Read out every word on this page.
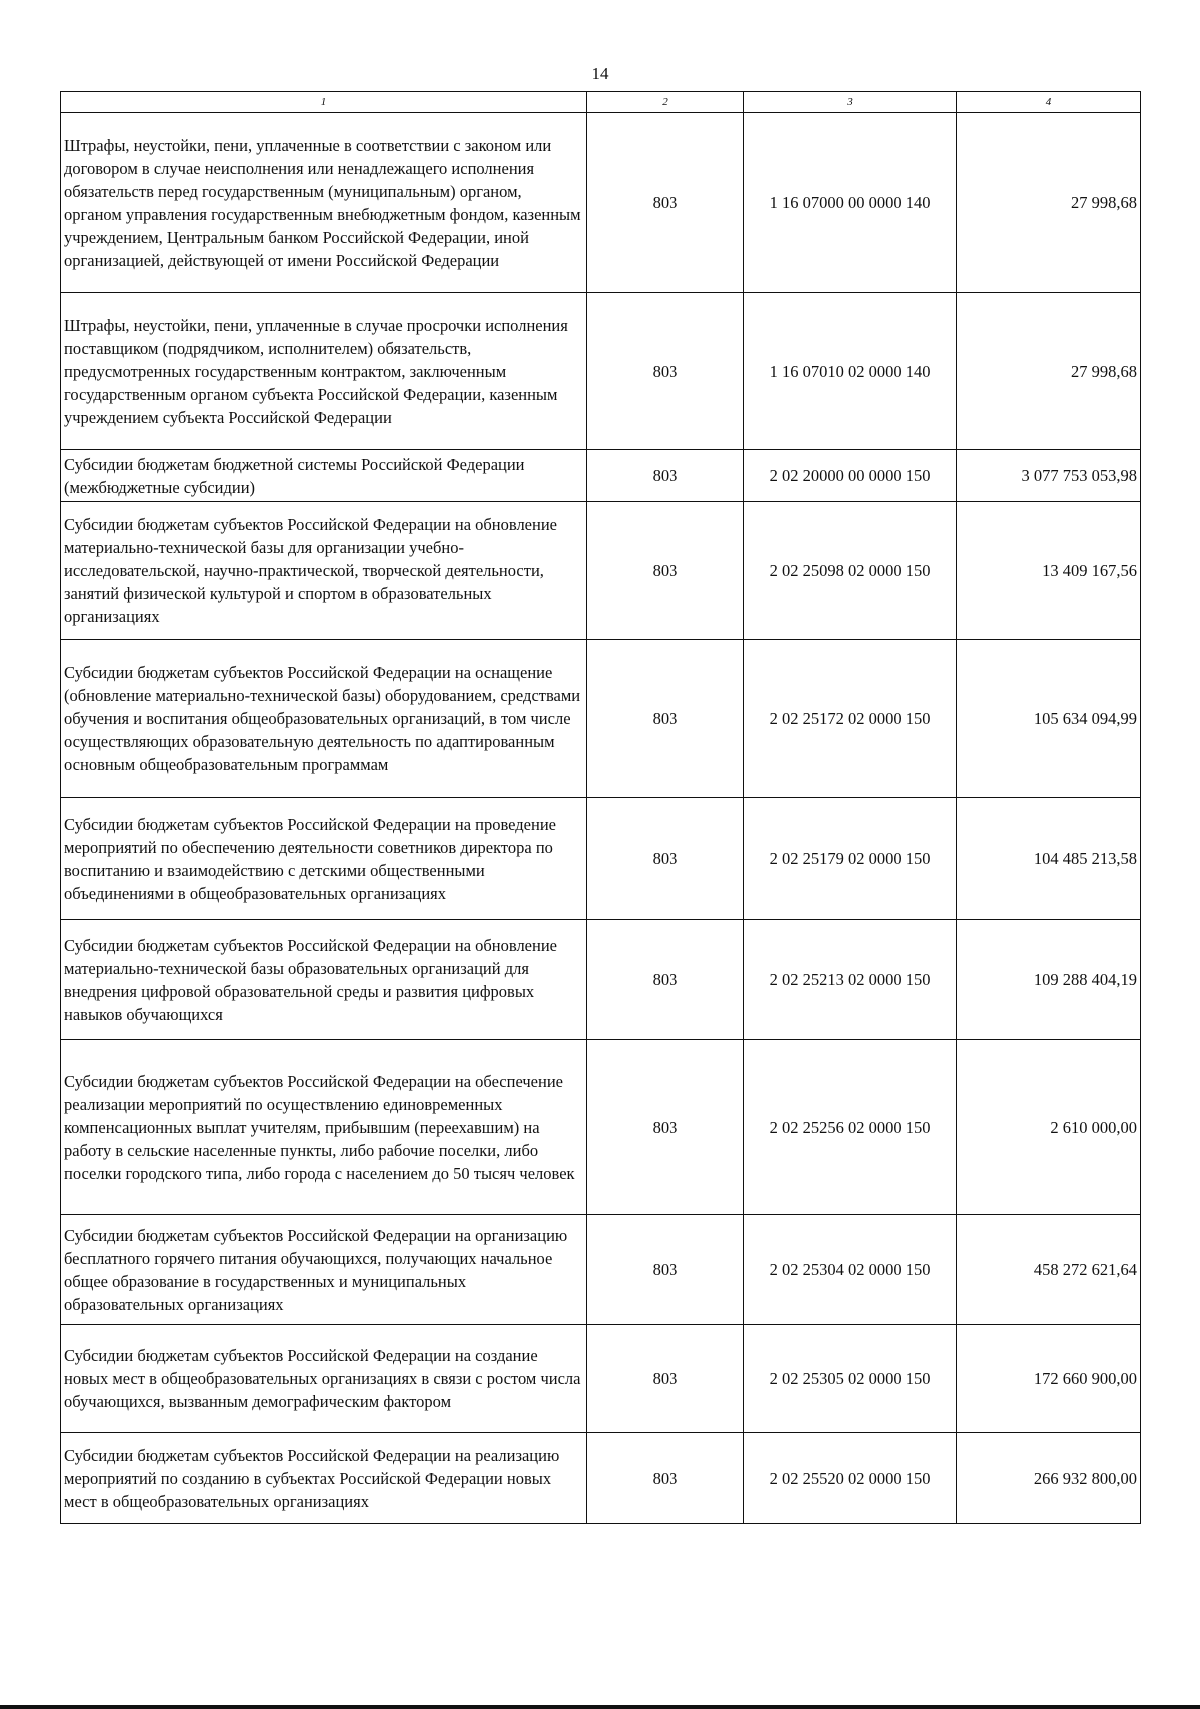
14
1	2	3	4
Штрафы, неустойки, пени, уплаченные в соответствии с законом или договором в случае неисполнения или ненадлежащего исполнения обязательств перед государственным (муниципальным) органом, органом управления государственным внебюджетным фондом, казенным учреждением, Центральным банком Российской Федерации, иной организацией, действующей от имени Российской Федерации	803	1 16 07000 00 0000 140	27 998,68
Штрафы, неустойки, пени, уплаченные в случае просрочки исполнения поставщиком (подрядчиком, исполнителем) обязательств, предусмотренных государственным контрактом, заключенным государственным органом субъекта Российской Федерации, казенным учреждением субъекта Российской Федерации	803	1 16 07010 02 0000 140	27 998,68
Субсидии бюджетам бюджетной системы Российской Федерации (межбюджетные субсидии)	803	2 02 20000 00 0000 150	3 077 753 053,98
Субсидии бюджетам субъектов Российской Федерации на обновление материально-технической базы для организации учебно-исследовательской, научно-практической, творческой деятельности, занятий физической культурой и спортом в образовательных организациях	803	2 02 25098 02 0000 150	13 409 167,56
Субсидии бюджетам субъектов Российской Федерации на оснащение (обновление материально-технической базы) оборудованием, средствами обучения и воспитания общеобразовательных организаций, в том числе осуществляющих образовательную деятельность по адаптированным основным общеобразовательным программам	803	2 02 25172 02 0000 150	105 634 094,99
Субсидии бюджетам субъектов Российской Федерации на проведение мероприятий по обеспечению деятельности советников директора по воспитанию и взаимодействию с детскими общественными объединениями в общеобразовательных организациях	803	2 02 25179 02 0000 150	104 485 213,58
Субсидии бюджетам субъектов Российской Федерации на обновление материально-технической базы образовательных организаций для внедрения цифровой образовательной среды и развития цифровых навыков обучающихся	803	2 02 25213 02 0000 150	109 288 404,19
Субсидии бюджетам субъектов Российской Федерации на обеспечение реализации мероприятий по осуществлению единовременных компенсационных выплат учителям, прибывшим (переехавшим) на работу в сельские населенные пункты, либо рабочие поселки, либо поселки городского типа, либо города с населением до 50 тысяч человек	803	2 02 25256 02 0000 150	2 610 000,00
Субсидии бюджетам субъектов Российской Федерации на организацию бесплатного горячего питания обучающихся, получающих начальное общее образование в государственных и муниципальных образовательных организациях	803	2 02 25304 02 0000 150	458 272 621,64
Субсидии бюджетам субъектов Российской Федерации на создание новых мест в общеобразовательных организациях в связи с ростом числа обучающихся, вызванным демографическим фактором	803	2 02 25305 02 0000 150	172 660 900,00
Субсидии бюджетам субъектов Российской Федерации на реализацию мероприятий по созданию в субъектах Российской Федерации новых мест в общеобразовательных организациях	803	2 02 25520 02 0000 150	266 932 800,00
